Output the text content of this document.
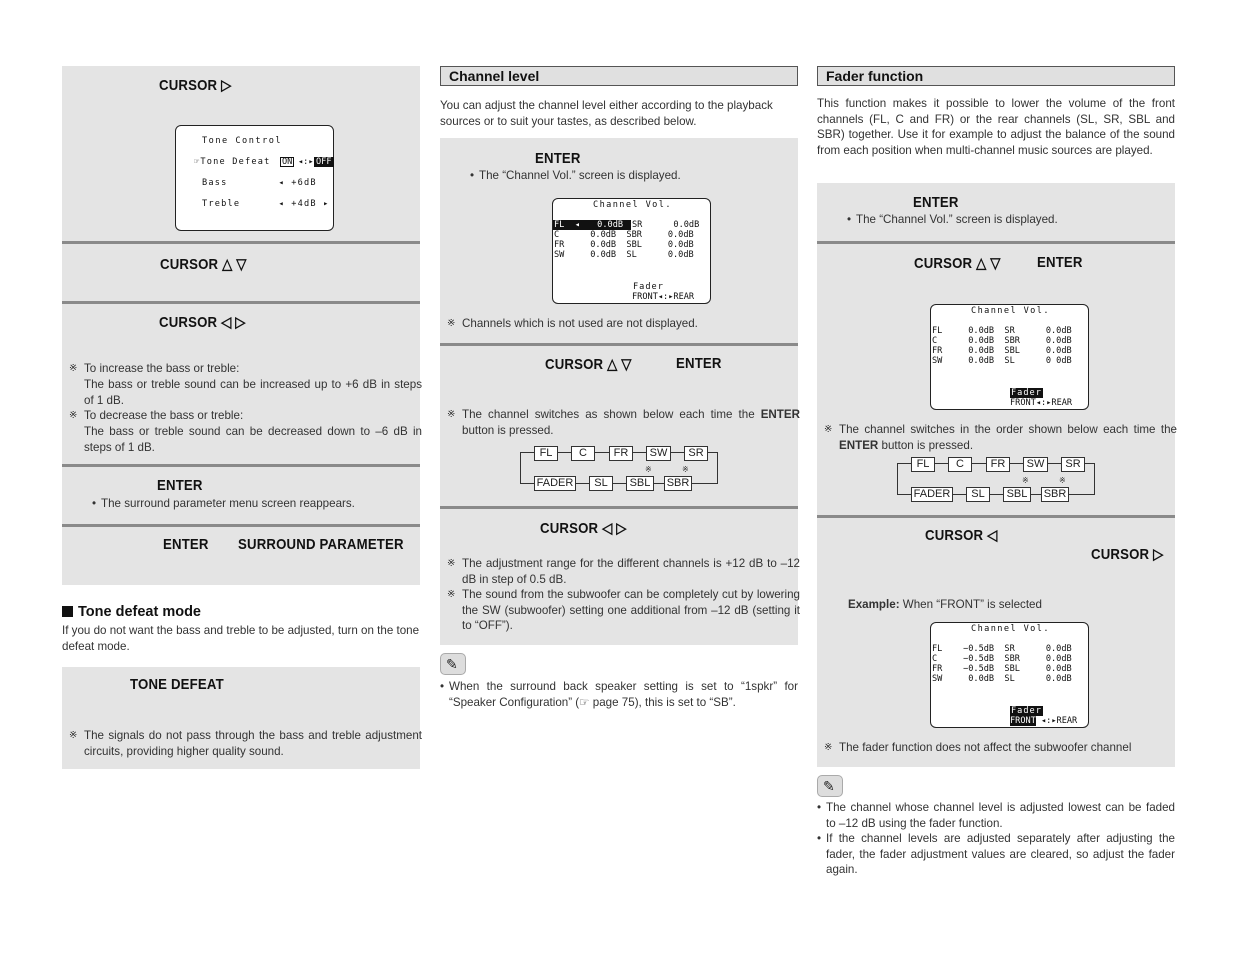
CURSOR ▷
Tone Control
☞Tone Defeat ON ◂:▸ OFF
Bass        ◂ +6dB
Treble      ◂ +4dB ▸
CURSOR △ ▽
CURSOR ◁ ▷
※ To increase the bass or treble:
The bass or treble sound can be increased up to +6 dB in steps of 1 dB.
※ To decrease the bass or treble:
The bass or treble sound can be decreased down to –6 dB in steps of 1 dB.
ENTER
• The surround parameter menu screen reappears.
ENTER SURROUND PARAMETER
Tone defeat mode
If you do not want the bass and treble to be adjusted, turn on the tone defeat mode.
TONE DEFEAT
※ The signals do not pass through the bass and treble adjustment circuits, providing higher quality sound.
Channel level
You can adjust the channel level either according to the playback sources or to suit your tastes, as described below.
ENTER
• The “Channel Vol.” screen is displayed.
Channel Vol.
FL  ◂ 0.0dB SR      0.0dB
C      0.0dB  SBR     0.0dB
FR     0.0dB  SBL     0.0dB
SW     0.0dB  SL      0.0dB
Fader
FRONT◂:▸REAR
※ Channels which is not used are not displayed.
CURSOR △ ▽	ENTER
※ The channel switches as shown below each time the ENTER button is pressed.
FL	C	FR	SW	SR
SBR
SBL
SL
FADER
※	※
CURSOR ◁ ▷
※ The adjustment range for the different channels is +12 dB to –12 dB in step of 0.5 dB.
※ The sound from the subwoofer can be completely cut by lowering the SW (subwoofer) setting one additional from –12 dB (setting it to “OFF”).
✎
• When the surround back speaker setting is set to “1spkr” for “Speaker Configuration” (☞ page 75), this is set to “SB”.
Fader function
This function makes it possible to lower the volume of the front channels (FL, C and FR) or the rear channels (SL, SR, SBL and SBR) together. Use it for example to adjust the balance of the sound from each position when multi-channel music sources are played.
ENTER
• The “Channel Vol.” screen is displayed.
CURSOR △ ▽ ENTER
Channel Vol.
FL     0.0dB  SR      0.0dB
C      0.0dB  SBR     0.0dB
FR     0.0dB  SBL     0.0dB
SW     0.0dB  SL      0 0dB
Fader
FRONT◂:▸REAR
※ The channel switches in the order shown below each time the ENTER button is pressed.
FL	C	FR	SW	SR
SBR
SBL
SL
FADER
※	※
CURSOR ◁
CURSOR ▷
Example: When “FRONT” is selected
Channel Vol.
FL    −0.5dB  SR      0.0dB
C     −0.5dB  SBR     0.0dB
FR    −0.5dB  SBL     0.0dB
SW     0.0dB  SL      0.0dB
Fader
FRONT ◂:▸REAR
※ The fader function does not affect the subwoofer channel
✎
• The channel whose channel level is adjusted lowest can be faded to –12 dB using the fader function.
• If the channel levels are adjusted separately after adjusting the fader, the fader adjustment values are cleared, so adjust the fader again.
